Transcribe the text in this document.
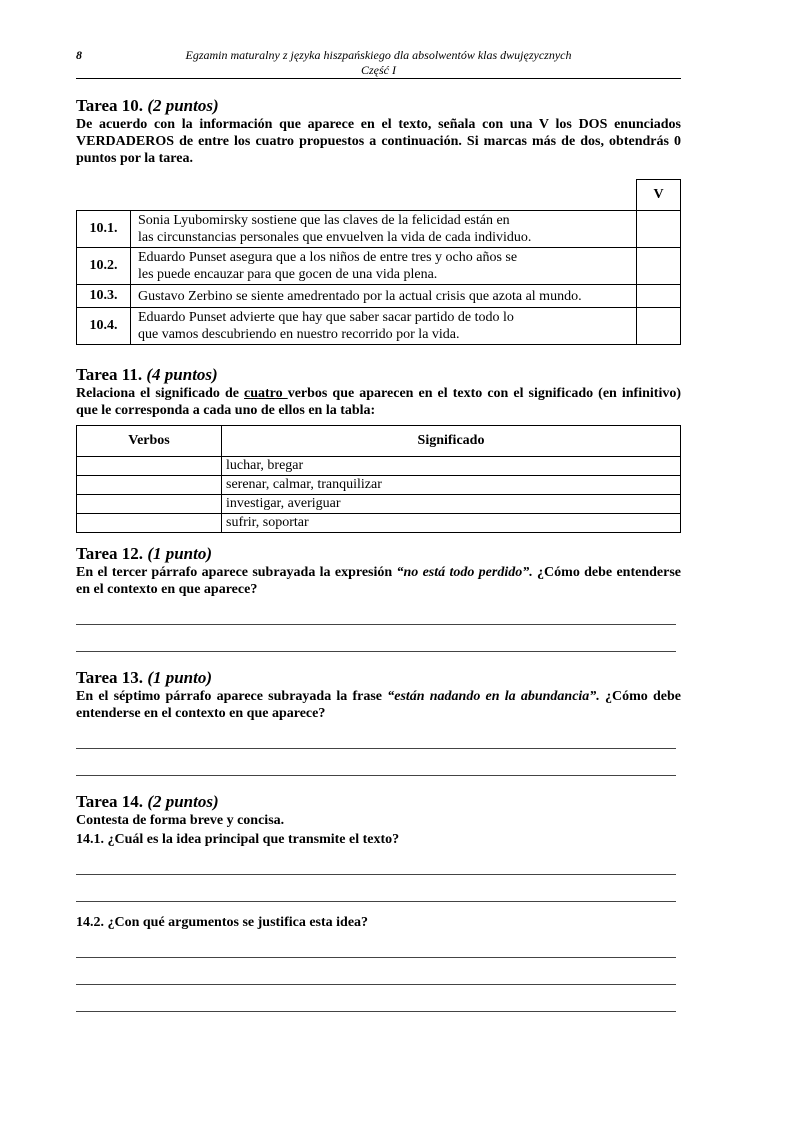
8	Egzamin maturalny z języka hiszpańskiego dla absolwentów klas dwujęzycznych
Część I
Tarea 10. (2 puntos)

De acuerdo con la información que aparece en el texto, señala con una V los DOS enunciados VERDADEROS de entre los cuatro propuestos a continuación. Si marcas más de dos, obtendrás 0 puntos por la tarea.

		V
10.1.	Sonia Lyubomirsky sostiene que las claves de la felicidad están en
las circunstancias personales que envuelven la vida de cada individuo.	

10.2.	Eduardo Punset asegura que a los niños de entre tres y ocho años se
les puede encauzar para que gocen de una vida plena.	

10.3.	Gustavo Zerbino se siente amedrentado por la actual crisis que azota al mundo.	

10.4.	Eduardo Punset advierte que hay que saber sacar partido de todo lo
que vamos descubriendo en nuestro recorrido por la vida.	

Tarea 11. (4 puntos)

Relaciona el significado de cuatro verbos que aparecen en el texto con el significado (en infinitivo) que le corresponda a cada uno de ellos en la tabla:

Verbos	Significado
	luchar, bregar
	serenar, calmar, tranquilizar
	investigar, averiguar
	sufrir, soportar
Tarea 12. (1 punto)

En el tercer párrafo aparece subrayada la expresión “no está todo perdido”. ¿Cómo debe entenderse en el contexto en que aparece?

Tarea 13. (1 punto)

En el séptimo párrafo aparece subrayada la frase “están nadando en la abundancia”. ¿Cómo debe entenderse en el contexto en que aparece?

Tarea 14. (2 puntos)

Contesta de forma breve y concisa.

14.1. ¿Cuál es la idea principal que transmite el texto?

14.2. ¿Con qué argumentos se justifica esta idea?
